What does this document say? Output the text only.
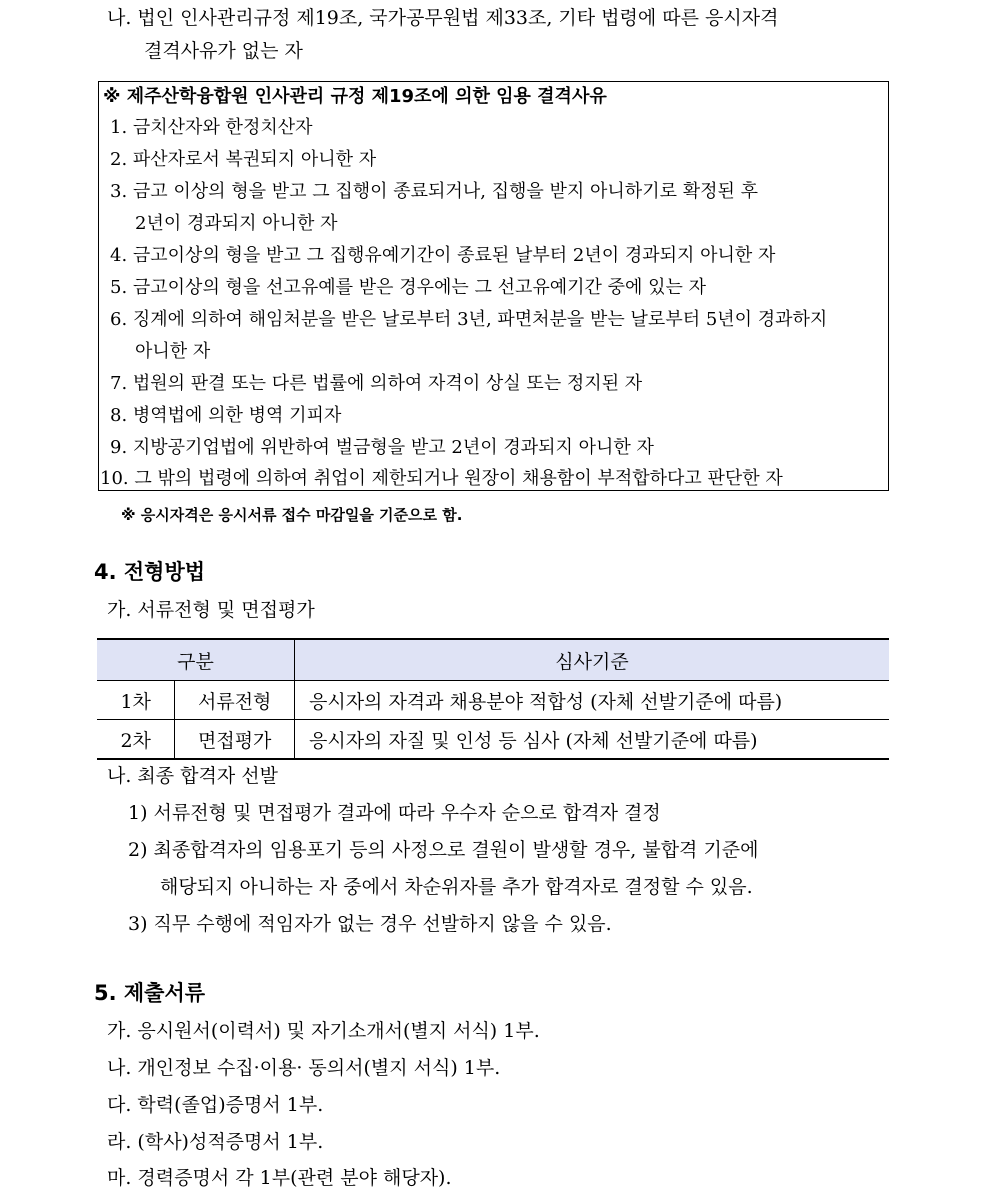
나. 법인 인사관리규정 제19조, 국가공무원법 제33조, 기타 법령에 따른 응시자격
결격사유가 없는 자
※ 제주산학융합원 인사관리 규정 제19조에 의한 임용 결격사유
1. 금치산자와 한정치산자
2. 파산자로서 복권되지 아니한 자
3. 금고 이상의 형을 받고 그 집행이 종료되거나, 집행을 받지 아니하기로 확정된 후
2년이 경과되지 아니한 자
4. 금고이상의 형을 받고 그 집행유예기간이 종료된 날부터 2년이 경과되지 아니한 자
5. 금고이상의 형을 선고유예를 받은 경우에는 그 선고유예기간 중에 있는 자
6. 징계에 의하여 해임처분을 받은 날로부터 3년, 파면처분을 받는 날로부터 5년이 경과하지
아니한 자
7. 법원의 판결 또는 다른 법률에 의하여 자격이 상실 또는 정지된 자
8. 병역법에 의한 병역 기피자
9. 지방공기업법에 위반하여 벌금형을 받고 2년이 경과되지 아니한 자
10. 그 밖의 법령에 의하여 취업이 제한되거나 원장이 채용함이 부적합하다고 판단한 자
※ 응시자격은 응시서류 접수 마감일을 기준으로 함.
4. 전형방법
가. 서류전형 및 면접평가
구분		심사기준
1차	서류전형	응시자의 자격과 채용분야 적합성 (자체 선발기준에 따름)
2차	면접평가	응시자의 자질 및 인성 등 심사 (자체 선발기준에 따름)
나. 최종 합격자 선발
1) 서류전형 및 면접평가 결과에 따라 우수자 순으로 합격자 결정
2) 최종합격자의 임용포기 등의 사정으로 결원이 발생할 경우, 불합격 기준에
해당되지 아니하는 자 중에서 차순위자를 추가 합격자로 결정할 수 있음.
3) 직무 수행에 적임자가 없는 경우 선발하지 않을 수 있음.
5. 제출서류
가. 응시원서(이력서) 및 자기소개서(별지 서식) 1부.
나. 개인정보 수집·이용· 동의서(별지 서식) 1부.
다. 학력(졸업)증명서 1부.
라. (학사)성적증명서 1부.
마. 경력증명서 각 1부(관련 분야 해당자).
